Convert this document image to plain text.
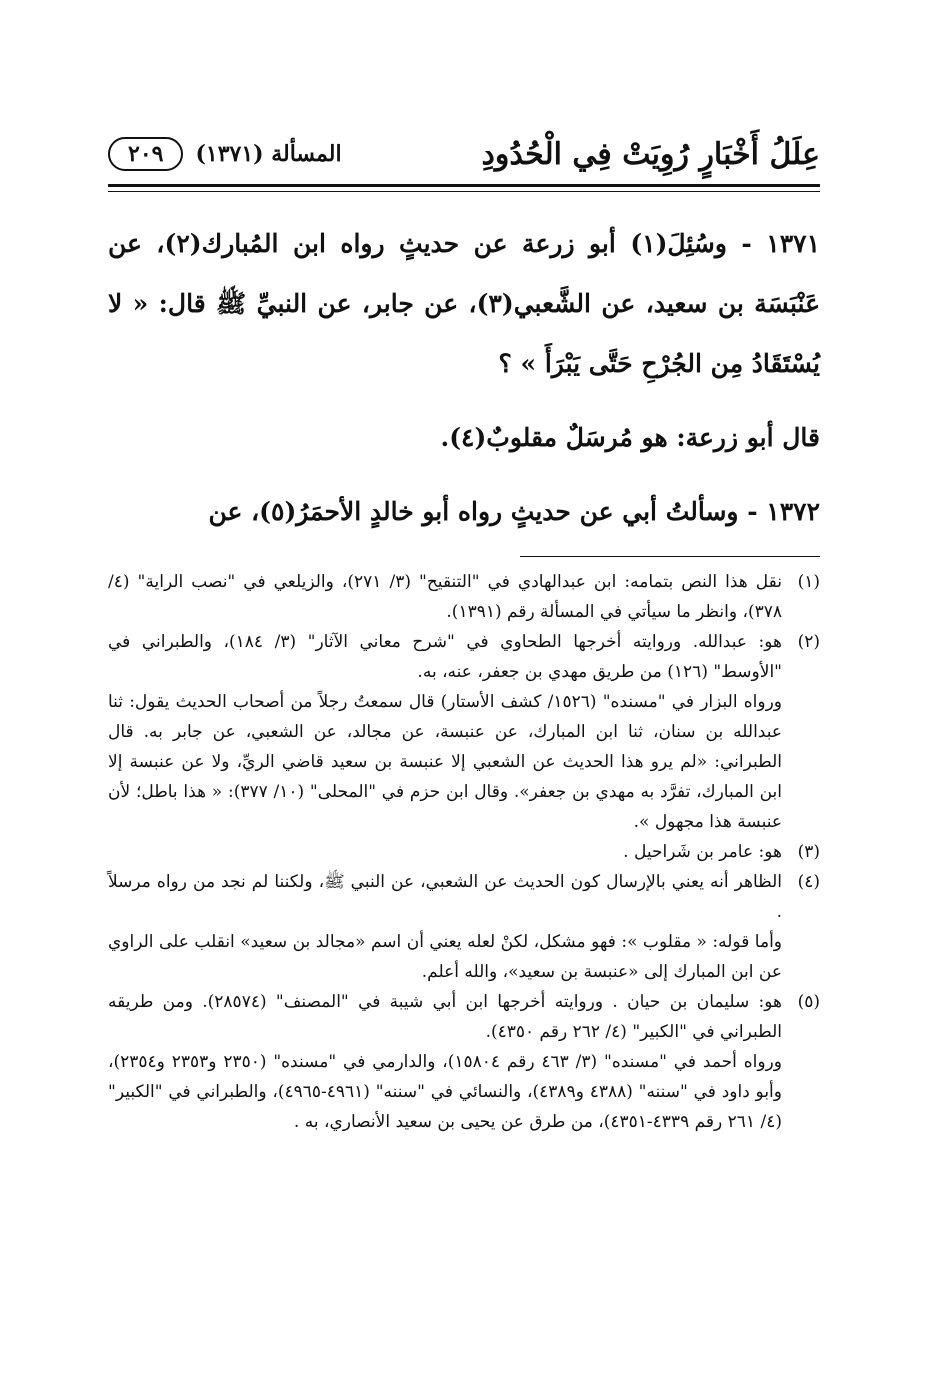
عِلَلُ أَخْبَارٍ رُوِيَتْ فِي الْحُدُودِ
المسألة (١٣٧١)
٢٠٩

١٣٧١ - وسُئِلَ(١) أبو زرعة عن حديثٍ رواه ابن المُبارك(٢)، عن عَنْبَسَة بن سعيد، عن الشَّعبي(٣)، عن جابر، عن النبيِّ ﷺ قال: « لا يُسْتَقَادُ مِن الجُرْحِ حَتَّى يَبْرَأَ » ؟

قال أبو زرعة: هو مُرسَلٌ مقلوبٌ(٤).

١٣٧٢ - وسألتُ أبي عن حديثٍ رواه أبو خالدٍ الأحمَرُ(٥)، عن

(١)

نقل هذا النص بتمامه: ابن عبدالهادي في "التنقيح" (٣/ ٢٧١)، والزيلعي في "نصب الراية" (٤/ ٣٧٨)، وانظر ما سيأتي في المسألة رقم (١٣٩١).

(٢)

هو: عبدالله. وروايته أخرجها الطحاوي في "شرح معاني الآثار" (٣/ ١٨٤)، والطبراني في "الأوسط" (١٢٦) من طريق مهدي بن جعفر، عنه، به.

ورواه البزار في "مسنده" (١٥٢٦/ كشف الأستار) قال سمعتُ رجلاً من أصحاب الحديث يقول: ثنا عبدالله بن سنان، ثنا ابن المبارك، عن عنبسة، عن مجالد، عن الشعبي، عن جابر به. قال الطبراني: «لم يرو هذا الحديث عن الشعبي إلا عنبسة بن سعيد قاضي الريِّ، ولا عن عنبسة إلا ابن المبارك، تفرَّد به مهدي بن جعفر». وقال ابن حزم في "المحلى" (١٠/ ٣٧٧): « هذا باطل؛ لأن عنبسة هذا مجهول ».

(٣)

هو: عامر بن شَراحيل .

(٤)

الظاهر أنه يعني بالإرسال كون الحديث عن الشعبي، عن النبي ﷺ، ولكننا لم نجد من رواه مرسلاً .

وأما قوله: « مقلوب »: فهو مشكل، لكنْ لعله يعني أن اسم «مجالد بن سعيد» انقلب على الراوي عن ابن المبارك إلى «عنبسة بن سعيد»، والله أعلم.

(٥)

هو: سليمان بن حيان . وروايته أخرجها ابن أبي شيبة في "المصنف" (٢٨٥٧٤). ومن طريقه الطبراني في "الكبير" (٤/ ٢٦٢ رقم ٤٣٥٠).

ورواه أحمد في "مسنده" (٣/ ٤٦٣ رقم ١٥٨٠٤)، والدارمي في "مسنده" (٢٣٥٠ و٢٣٥٣ و٢٣٥٤)، وأبو داود في "سننه" (٤٣٨٨ و٤٣٨٩)، والنسائي في "سننه" (٤٩٦١-٤٩٦٥)، والطبراني في "الكبير" (٤/ ٢٦١ رقم ٤٣٣٩-٤٣٥١)، من طرق عن يحيى بن سعيد الأنصاري، به .
